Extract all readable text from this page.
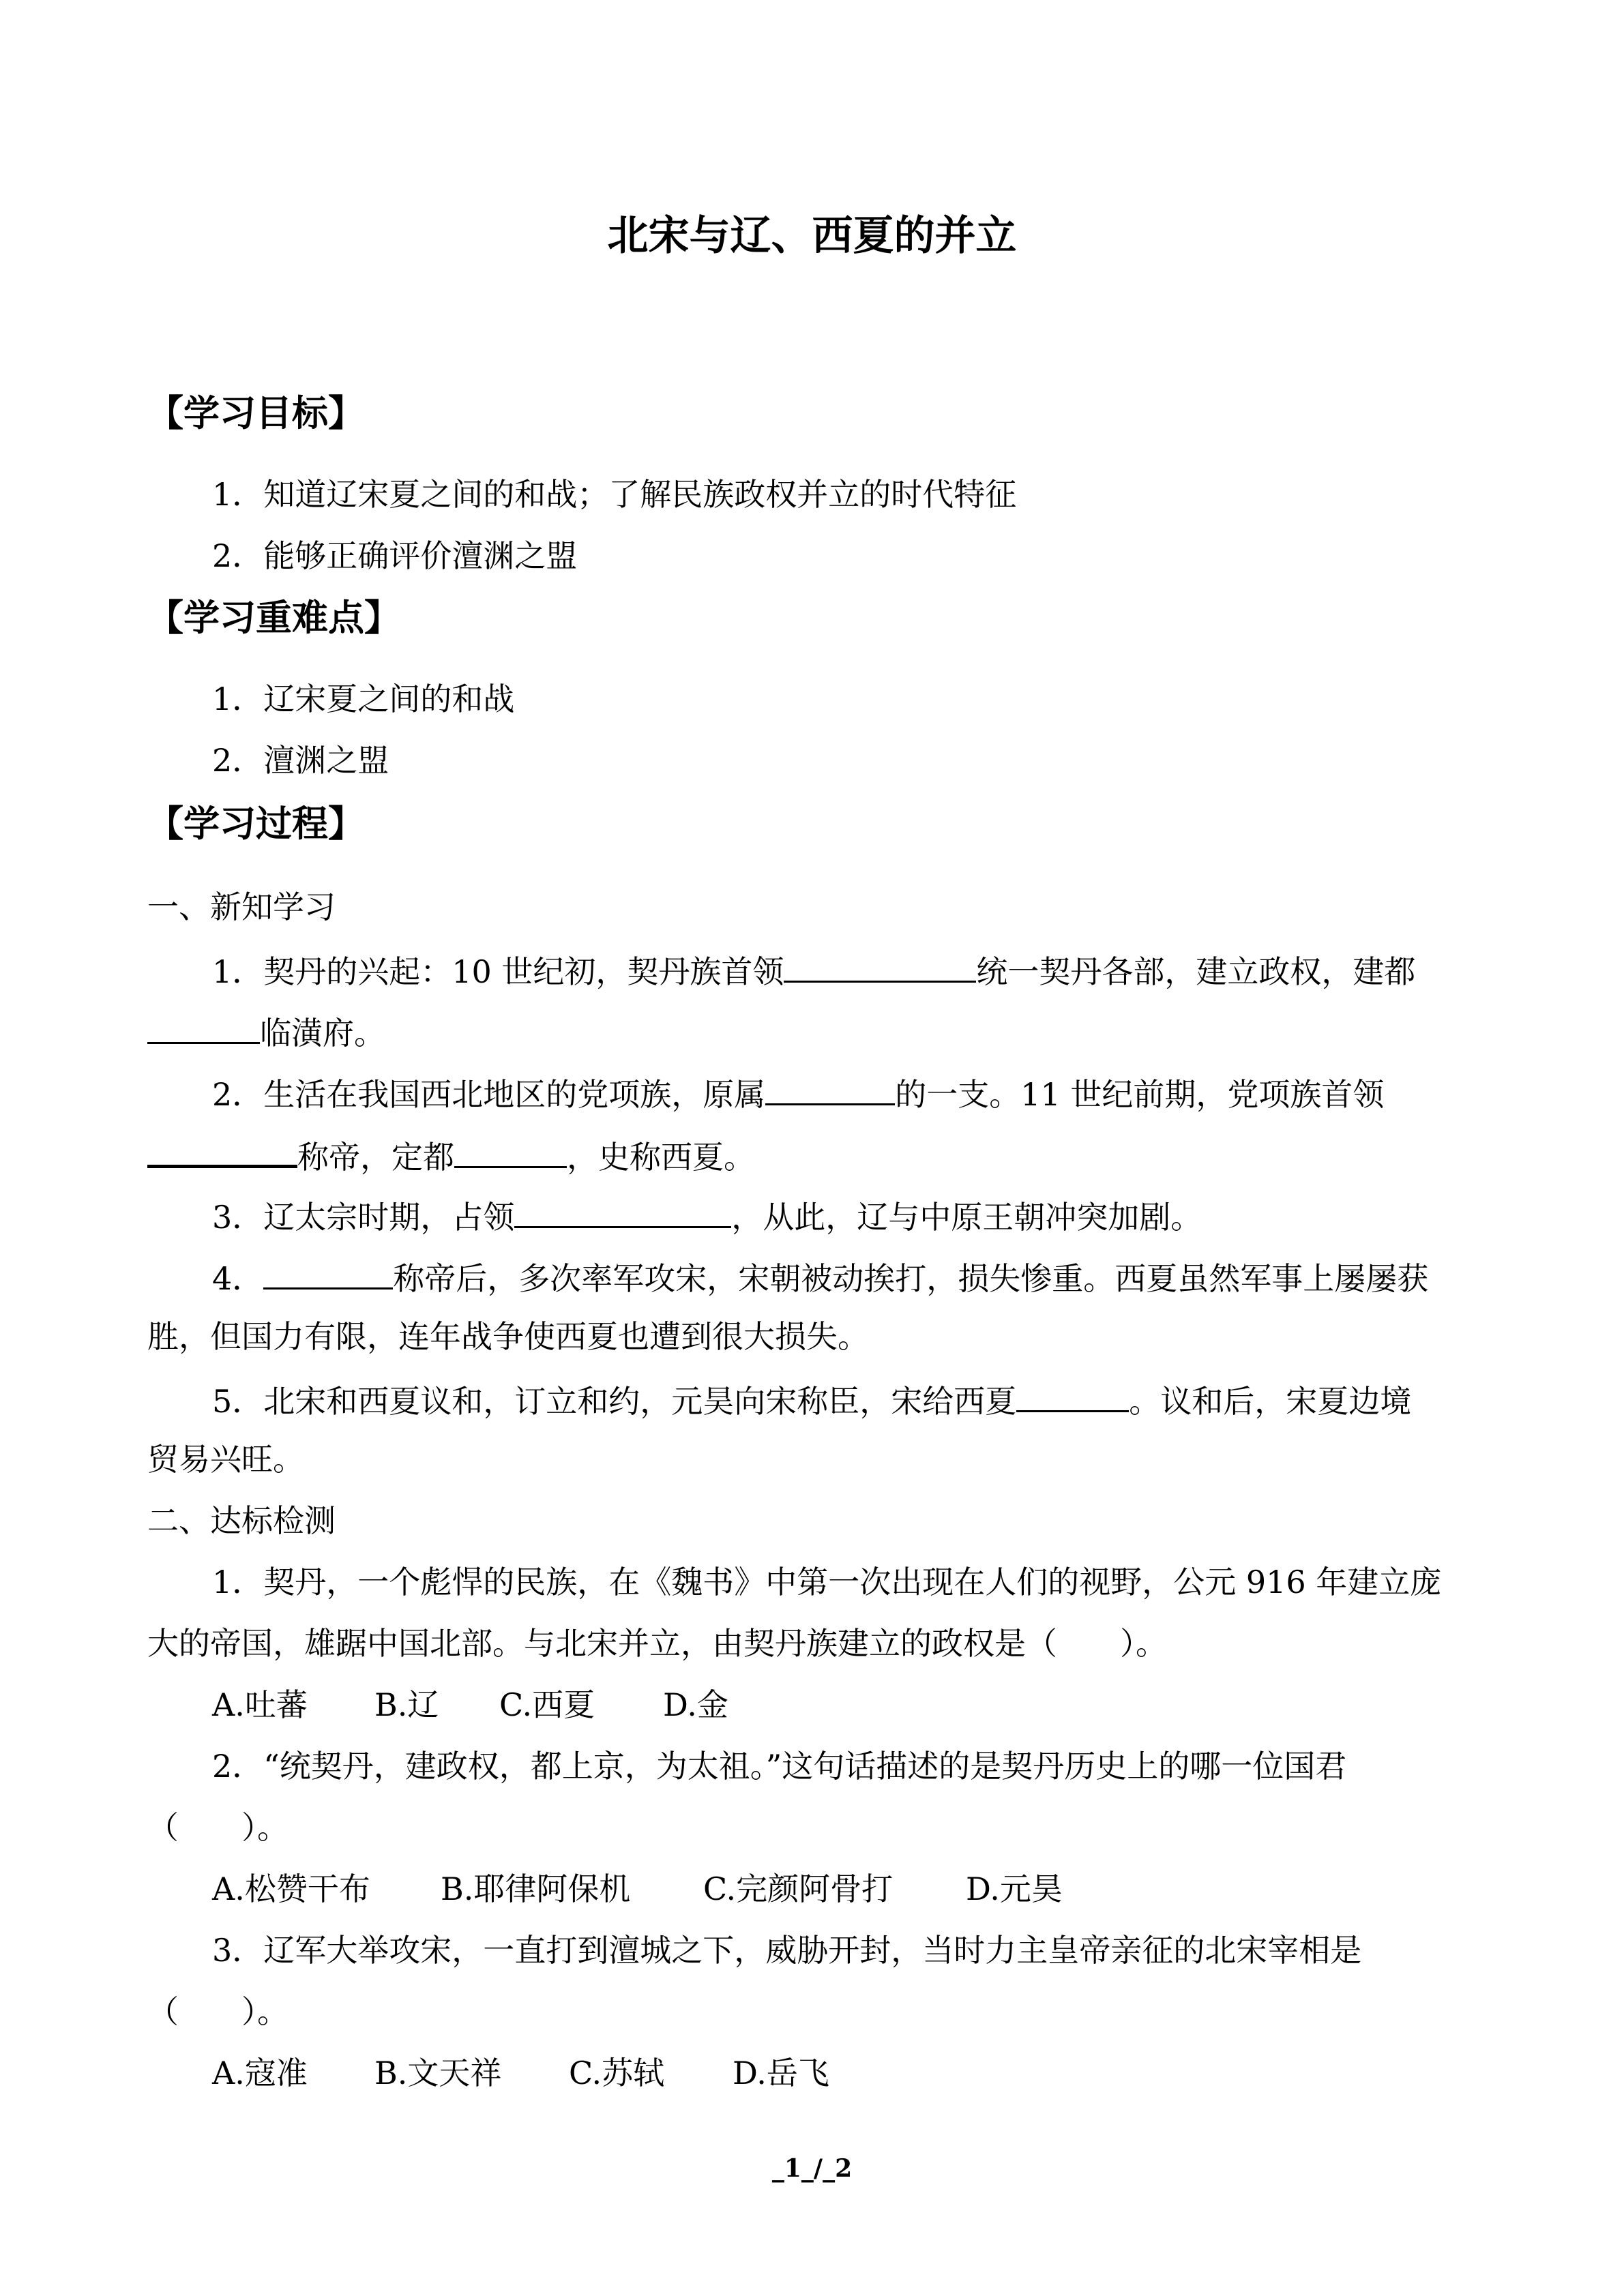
北宋与辽、西夏的并立
【学习目标】
1．知道辽宋夏之间的和战；了解民族政权并立的时代特征
2．能够正确评价澶渊之盟
【学习重难点】
1．辽宋夏之间的和战
2．澶渊之盟
【学习过程】
一、新知学习
1．契丹的兴起：10 世纪初，契丹族首领	统一契丹各部，建立政权，建都
临潢府。
2．生活在我国西北地区的党项族，原属	的一支。11 世纪前期，党项族首领
称帝，定都	，史称西夏。
3．辽太宗时期，占领	，从此，辽与中原王朝冲突加剧。
4．	称帝后，多次率军攻宋，宋朝被动挨打，损失惨重。西夏虽然军事上屡屡获
胜，但国力有限，连年战争使西夏也遭到很大损失。
5．北宋和西夏议和，订立和约，元昊向宋称臣，宋给西夏	。议和后，宋夏边境
贸易兴旺。
二、达标检测
1．契丹，一个彪悍的民族，在《魏书》中第一次出现在人们的视野，公元 916 年建立庞
大的帝国，雄踞中国北部。与北宋并立，由契丹族建立的政权是（　　）。
A.吐蕃 B.辽 C.西夏 D.金
2．“统契丹，建政权，都上京，为太祖。”这句话描述的是契丹历史上的哪一位国君
（　　）。
A.松赞干布 B.耶律阿保机 C.完颜阿骨打 D.元昊
3．辽军大举攻宋，一直打到澶城之下，威胁开封，当时力主皇帝亲征的北宋宰相是
（　　）。
A.寇准 B.文天祥 C.苏轼 D.岳飞
_1_/_2
